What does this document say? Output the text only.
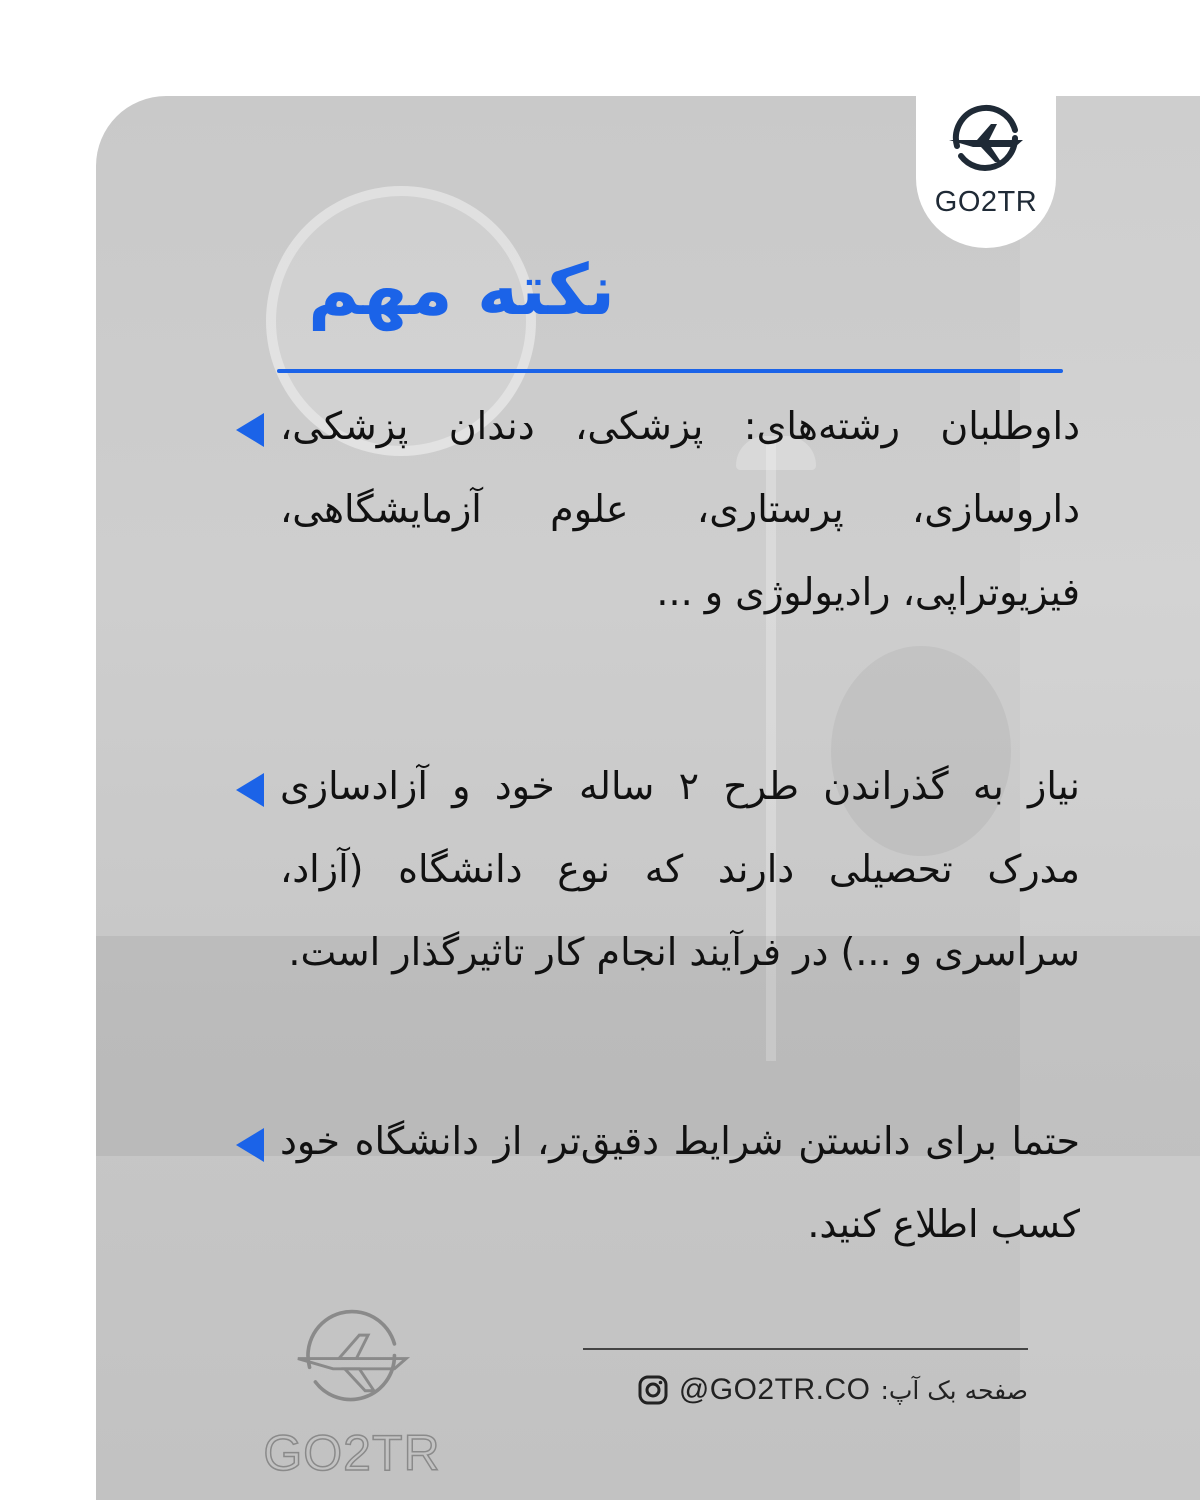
GO2TR
نکته مهم
داوطلبان رشته‌های: پزشکی، دندان پزشکی، داروسازی، پرستاری، علوم آزمایشگاهی، فیزیوتراپی، رادیولوژی و ...
نیاز به گذراندن طرح ۲ ساله خود و آزادسازی مدرک تحصیلی دارند که نوع دانشگاه (آزاد، سراسری و ...) در فرآیند انجام کار تاثیرگذار است.
حتما برای دانستن شرایط دقیق‌تر، از دانشگاه خود کسب اطلاع کنید.
@GO2TR.CO صفحه بک آپ:
GO2TR
